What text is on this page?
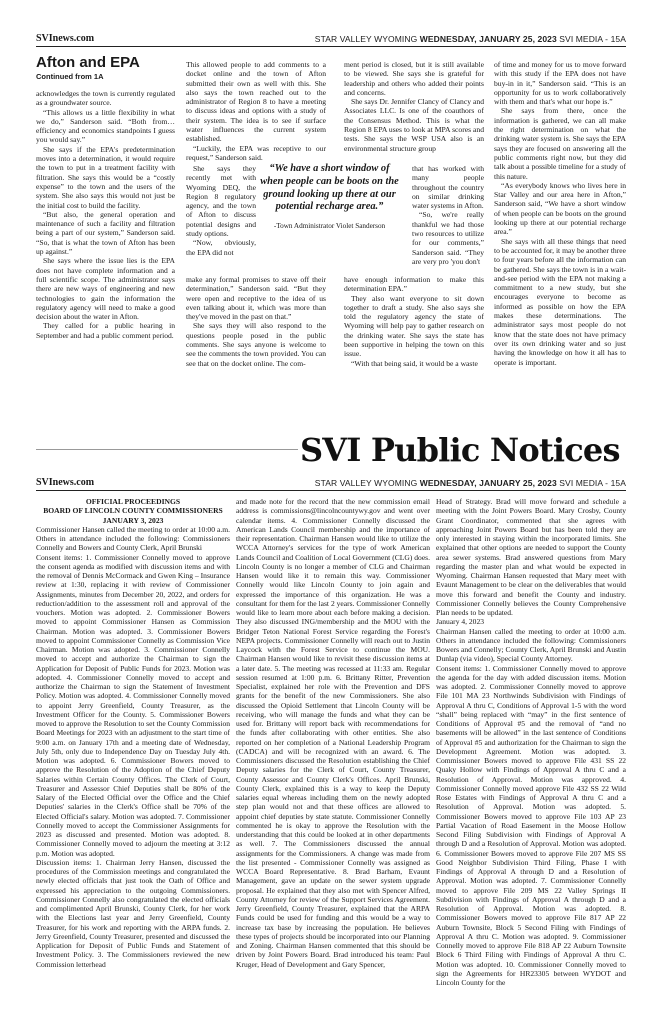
SVInews.com	STAR VALLEY WYOMING WEDNESDAY, JANUARY 25, 2023 SVI MEDIA - 15A
Afton and EPA
Continued from 1A

acknowledges the town is currently regulated as a groundwater source.

“This allows us a little flexibility in what we do,” Sanderson said. “Both from…efficiency and economics standpoints I guess you would say.”

She says if the EPA's predetermination moves into a determination, it would require the town to put in a treatment facility with filtration. She says this would be a “costly expense” to the town and the users of the system. She also says this would not just be the initial cost to build the facility.

“But also, the general operation and maintenance of such a facility and filtration being a part of our system,” Sanderson said. “So, that is what the town of Afton has been up against.”

She says where the issue lies is the EPA does not have complete information and a full scientific scope. The administrator says there are new ways of engineering and new technologies to gain the information the regulatory agency will need to make a good decision about the water in Afton.

They called for a public hearing in September and had a public comment period.

This allowed people to add comments to a docket online and the town of Afton submitted their own as well with this. She also says the town reached out to the administrator of Region 8 to have a meeting to discuss ideas and options with a study of their system. The idea is to see if surface water influences the current system established.

“Luckily, the EPA was receptive to our request,” Sanderson said.

She says they recently met with Wyoming DEQ, the Region 8 regulatory agency, and the town of Afton to discuss potential designs and study options.

“Now, obviously, the EPA did not

make any formal promises to stave off their determination,” Sanderson said. “But they were open and receptive to the idea of us even talking about it, which was more than they've moved in the past on that.”

She says they will also respond to the questions people posed in the public comments. She says anyone is welcome to see the comments the town provided. You can see that on the docket online. The com-

“We have a short window of when people can be boots on the ground looking up there at our potential recharge area.”
-Town Administrator Violet Sanderson

ment period is closed, but it is still available to be viewed. She says she is grateful for leadership and others who added their points and concerns.

She says Dr. Jennifer Clancy of Clancy and Associates LLC. Is one of the coauthors of the Consensus Method. This is what the Region 8 EPA uses to look at MPA scores and tests. She says the WSP USA also is an environmental structure group

that has worked with many people throughout the country on similar drinking water systems in Afton.

“So, we're really thankful we had those two resources to utilize for our comments,” Sanderson said. “They are very pro 'you don't

have enough information to make this determination EPA.”

They also want everyone to sit down together to draft a study. She also says she told the regulatory agency the state of Wyoming will help pay to gather research on the drinking water. She says the state has been supportive in helping the town on this issue.

“With that being said, it would be a waste

of time and money for us to move forward with this study if the EPA does not have buy-in in it,” Sanderson said. “This is an opportunity for us to work collaboratively with them and that's what our hope is.”

She says from there, once the information is gathered, we can all make the right determination on what the drinking water system is. She says the EPA says they are focused on answering all the public comments right now, but they did talk about a possible timeline for a study of this nature.

“As everybody knows who lives here in Star Valley and our area here in Afton,” Sanderson said, “We have a short window of when people can be boots on the ground looking up there at our potential recharge area.”

She says with all these things that need to be accounted for, it may be another three to four years before all the information can be gathered. She says the town is in a wait-and-see period with the EPA not making a commitment to a new study, but she encourages everyone to become as informed as possible on how the EPA makes these determinations. The administrator says most people do not know that the state does not have primacy over its own drinking water and so just having the knowledge on how it all has to operate is important.

SVI Public Notices
SVInews.com	STAR VALLEY WYOMING WEDNESDAY, JANUARY 25, 2023 SVI MEDIA - 15A
OFFICIAL PROCEEDINGS
BOARD OF LINCOLN COUNTY COMMISSIONERS
JANUARY 3, 2023

Commissioner Hansen called the meeting to order at 10:00 a.m. Others in attendance included the following: Commissioners Connelly and Bowers and County Clerk, April Brunski

Consent items: 1. Commissioner Connelly moved to approve the consent agenda as modified with discussion items and with the removal of Dennis McCormack and Gwen King – Insurance review at 1:30, replacing it with review of Commissioner Assignments, minutes from December 20, 2022, and orders for reduction/addition to the assessment roll and approval of the vouchers. Motion was adopted. 2. Commissioner Bowers moved to appoint Commissioner Hansen as Commission Chairman. Motion was adopted. 3. Commissioner Bowers moved to appoint Commissioner Connelly as Commission Vice Chairman. Motion was adopted. 3. Commissioner Connelly moved to accept and authorize the Chairman to sign the Application for Deposit of Public Funds for 2023. Motion was adopted. 4. Commissioner Connelly moved to accept and authorize the Chairman to sign the Statement of Investment Policy. Motion was adopted. 4. Commissioner Connelly moved to appoint Jerry Greenfield, County Treasurer, as the Investment Officer for the County. 5. Commissioner Bowers moved to approve the Resolution to set the County Commission Board Meetings for 2023 with an adjustment to the start time of 9:00 a.m. on January 17th and a meeting date of Wednesday, July 5th, only due to Independence Day on Tuesday July 4th. Motion was adopted. 6. Commissioner Bowers moved to approve the Resolution of the Adoption of the Chief Deputy Salaries within Certain County Offices. The Clerk of Court, Treasurer and Assessor Chief Deputies shall be 80% of the Salary of the Elected Official over the Office and the Chief Deputies' salaries in the Clerk's Office shall be 70% of the Elected Official's salary. Motion was adopted. 7. Commissioner Connelly moved to accept the Commissioner Assignments for 2023 as discussed and presented. Motion was adopted. 8. Commissioner Connelly moved to adjourn the meeting at 3:12 p.m. Motion was adopted.

Discussion items: 1. Chairman Jerry Hansen, discussed the procedures of the Commission meetings and congratulated the newly elected officials that just took the Oath of Office and expressed his appreciation to the outgoing Commissioners. Commissioner Connelly also congratulated the elected officials and complimented April Brunski, County Clerk, for her work with the Elections last year and Jerry Greenfield, County Treasurer, for his work and reporting with the ARPA funds. 2. Jerry Greenfield, County Treasurer, presented and discussed the Application for Deposit of Public Funds and Statement of Investment Policy. 3. The Commissioners reviewed the new Commission letterhead

and made note for the record that the new commission email address is commissions@lincolncountywy.gov and went over calendar items. 4. Commissioner Connelly discussed the American Lands Council membership and the importance of their representation. Chairman Hansen would like to utilize the WCCA Attorney's services for the type of work American Lands Council and Coalition of Local Government (CLG) does. Lincoln County is no longer a member of CLG and Chairman Hansen would like it to remain this way. Commissioner Connelly would like Lincoln County to join again and expressed the importance of this organization. He was a consultant for them for the last 2 years. Commissioner Connelly would like to learn more about each before making a decision. They also discussed ING/membership and the MOU with the Bridger Teton National Forest Service regarding the Forest's NEPA projects. Commissioner Connelly will reach out to Justin Laycock with the Forest Service to continue the MOU. Chairman Hansen would like to revisit these discussion items at a later date. 5. The meeting was recessed at 11:33 am. Regular session resumed at 1:00 p.m. 6. Brittany Ritter, Prevention Specialist, explained her role with the Prevention and DFS grants for the benefit of the new Commissioners. She also discussed the Opioid Settlement that Lincoln County will be receiving, who will manage the funds and what they can be used for. Brittany will report back with recommendations for the funds after collaborating with other entities. She also reported on her completion of a National Leadership Program (CADCA) and will be recognized with an award. 6. The Commissioners discussed the Resolution establishing the Chief Deputy salaries for the Clerk of Court, County Treasurer, County Assessor and County Clerk's Offices. April Brunski, County Clerk, explained this is a way to keep the Deputy salaries equal whereas including them on the newly adopted step plan would not and that these offices are allowed to appoint chief deputies by state statute. Commissioner Connelly commented he is okay to approve the Resolution with the understanding that this could be looked at in other departments as well. 7. The Commissioners discussed the annual assignments for the Commissioners. A change was made from the list presented - Commissioner Connelly was assigned as WCCA Board Representative. 8. Brad Barham, Evaunt Management, gave an update on the sewer system upgrade proposal. He explained that they also met with Spencer Alfred, County Attorney for review of the Support Services Agreement. Jerry Greenfield, County Treasurer, explained that the ARPA Funds could be used for funding and this would be a way to increase tax base by increasing the population. He believes these types of projects should be incorporated into our Planning and Zoning. Chairman Hansen commented that this should be driven by Joint Powers Board. Brad introduced his team: Paul Kruger, Head of Development and Gary Spencer,

Head of Strategy. Brad will move forward and schedule a meeting with the Joint Powers Board. Mary Crosby, County Grant Coordinator, commented that she agrees with approaching Joint Powers Board but has been told they are only interested in staying within the incorporated limits. She explained that other options are needed to support the County area sewer systems. Brad answered questions from Mary regarding the master plan and what would be expected in Wyoming. Chairman Hansen requested that Mary meet with Evaunt Management to be clear on the deliverables that would move this forward and benefit the County and industry. Commissioner Connelly believes the County Comprehensive Plan needs to be updated.

January 4, 2023

Chairman Hansen called the meeting to order at 10:00 a.m. Others in attendance included the following: Commissioners Bowers and Connelly; County Clerk, April Brunski and Austin Dunlap (via video), Special County Attorney.

Consent items: 1. Commissioner Connelly moved to approve the agenda for the day with added discussion items. Motion was adopted. 2. Commissioner Connelly moved to approve File 101 MA 23 Northwinds Subdivision with Findings of Approval A thru C, Conditions of Approval 1-5 with the word “shall” being replaced with “may” in the first sentence of Conditions of Approval #5 and the removal of “and no basements will be allowed” in the last sentence of Conditions of Approval #5 and authorization for the Chairman to sign the Development Agreement. Motion was adopted. 3. Commissioner Bowers moved to approve File 431 SS 22 Quaky Hollow with Findings of Approval A thru C and a Resolution of Approval. Motion was approved. 4. Commissioner Connelly moved approve File 432 SS 22 Wild Rose Estates with Findings of Approval A thru C and a Resolution of Approval. Motion was adopted. 5. Commissioner Bowers moved to approve File 103 AP 23 Partial Vacation of Road Easement in the Moose Hollow Second Filing Subdivision with Findings of Approval A through D and a Resolution of Approval. Motion was adopted. 6. Commissioner Bowers moved to approve File 207 MS SS Good Neighbor Subdivision Third Filing, Phase I with Findings of Approval A through D and a Resolution of Approval. Motion was adopted. 7. Commissioner Connelly moved to approve File 209 MS 22 Valley Springs II Subdivision with Findings of Approval A through D and a Resolution of Approval. Motion was adopted. 8. Commissioner Bowers moved to approve File 817 AP 22 Auburn Townsite, Block 5 Second Filing with Findings of Approval A thru C. Motion was adopted. 9. Commissioner Connelly moved to approve File 818 AP 22 Auburn Townsite Block 6 Third Filing with Findings of Approval A thru C. Motion was adopted. 10. Commissioner Connelly moved to sign the Agreements for HR23305 between WYDOT and Lincoln County for the
